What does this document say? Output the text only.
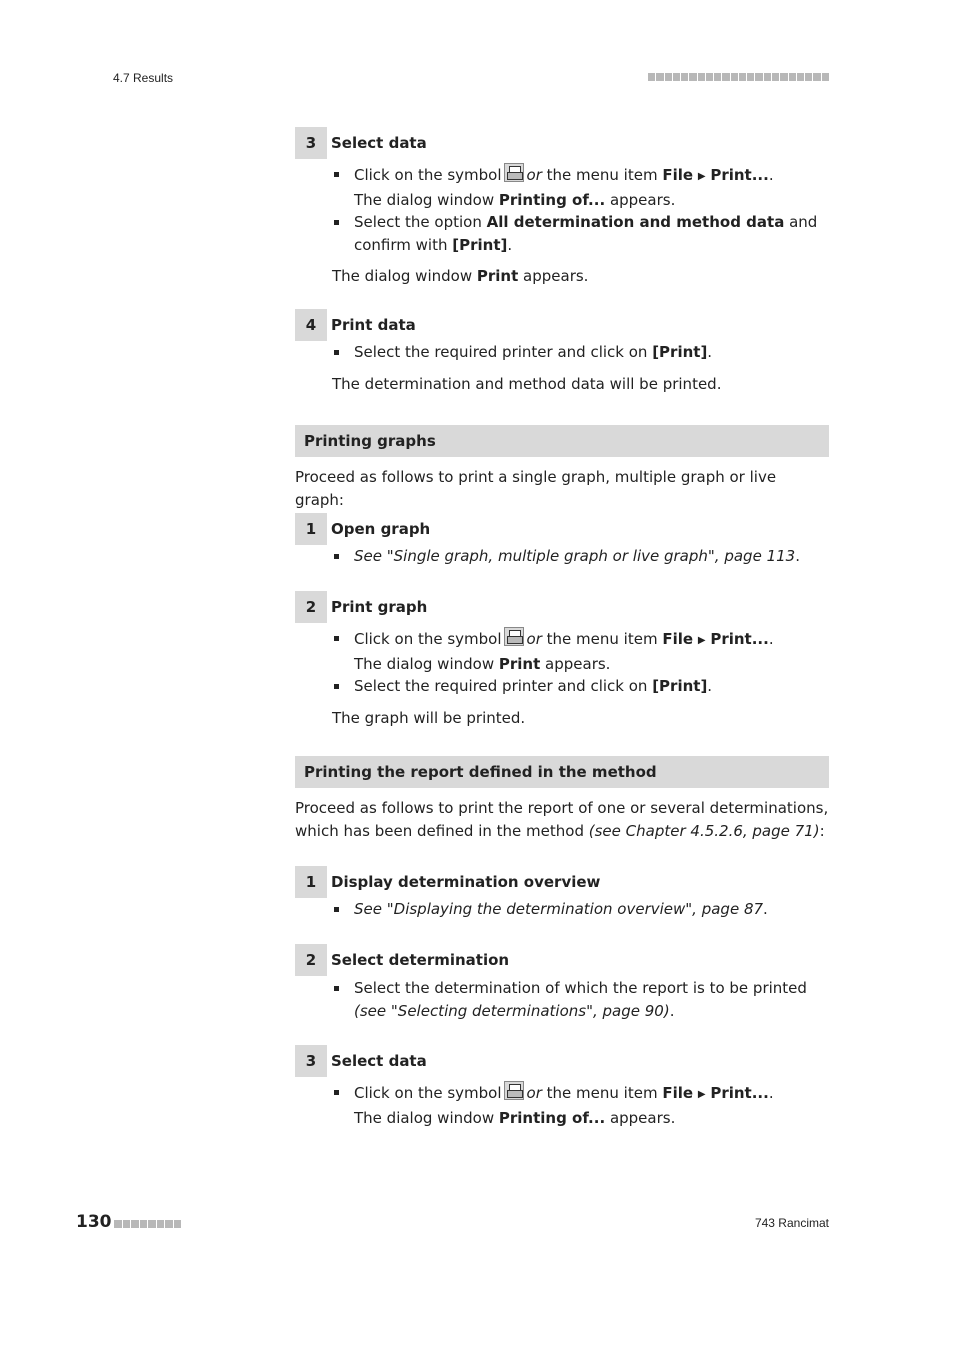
4.7 Results
3 Select data
Click on the symbol or the menu item File ▶ Print....
The dialog window Printing of... appears.
Select the option All determination and method data and confirm with [Print].

The dialog window Print appears.

4 Print data
Select the required printer and click on [Print].

The determination and method data will be printed.

Printing graphs

Proceed as follows to print a single graph, multiple graph or live graph:

1 Open graph
See "Single graph, multiple graph or live graph", page 113.
2 Print graph
Click on the symbol or the menu item File ▶ Print....
The dialog window Print appears.
Select the required printer and click on [Print].

The graph will be printed.

Printing the report defined in the method

Proceed as follows to print the report of one or several determinations, which has been defined in the method (see Chapter 4.5.2.6, page 71):

1 Display determination overview
See "Displaying the determination overview", page 87.
2 Select determination
Select the determination of which the report is to be printed (see "Selecting determinations", page 90).
3 Select data
Click on the symbol or the menu item File ▶ Print....
The dialog window Printing of... appears.
130	743 Rancimat
